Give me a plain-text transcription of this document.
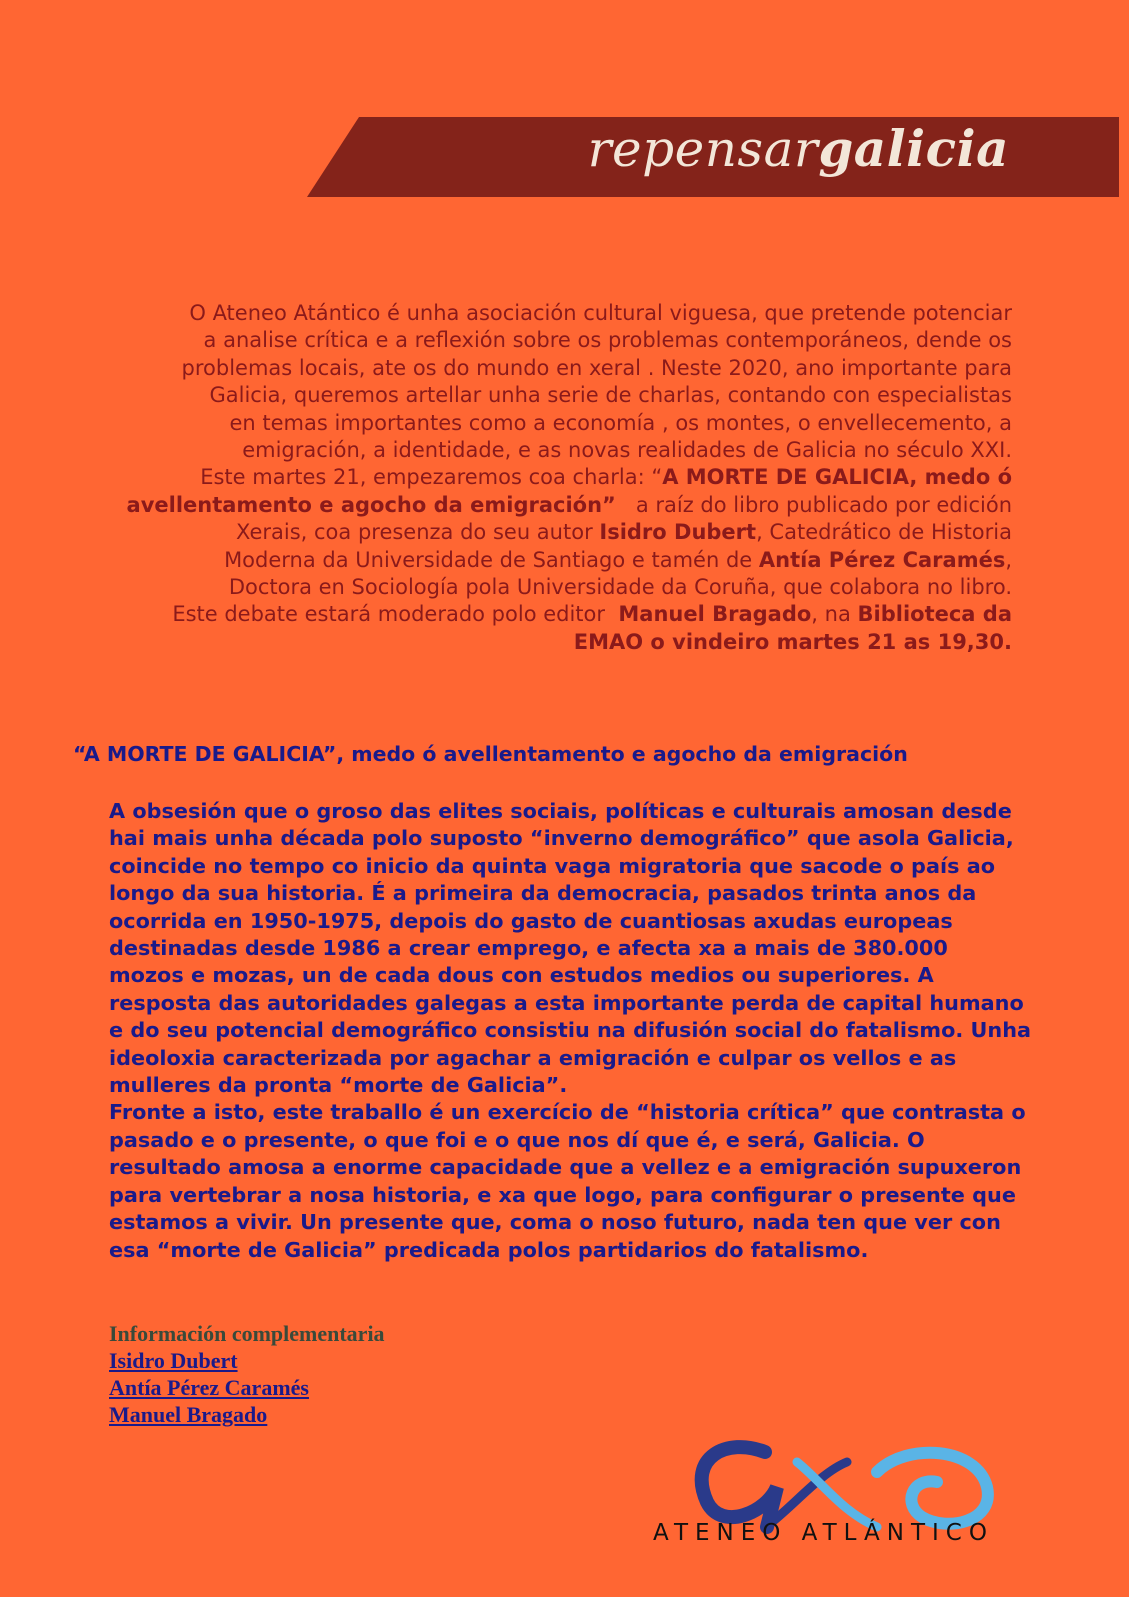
repensargalicia
O Ateneo Atántico é unha asociación cultural viguesa, que pretende potenciar
a analise crítica e a reflexión sobre os problemas contemporáneos, dende os
problemas locais, ate os do mundo en xeral . Neste 2020, ano importante para
Galicia, queremos artellar unha serie de charlas, contando con especialistas
en temas importantes como a economía , os montes, o envellecemento, a
emigración, a identidade, e as novas realidades de Galicia no século XXI.
Este martes 21, empezaremos coa charla: “A MORTE DE GALICIA, medo ó
avellentamento e agocho da emigración”   a raíz do libro publicado por edición
Xerais, coa presenza do seu autor Isidro Dubert, Catedrático de Historia
Moderna da Universidade de Santiago e tamén de Antía Pérez Caramés,
Doctora en Sociología pola Universidade da Coruña, que colabora no libro.
Este debate estará moderado polo editor  Manuel Bragado, na Biblioteca da
EMAO o vindeiro martes 21 as 19,30.
“A MORTE DE GALICIA”, medo ó avellentamento e agocho da emigración
A obsesión que o groso das elites sociais, políticas e culturais amosan desde
hai mais unha década polo suposto “inverno demográfico” que asola Galicia,
coincide no tempo co inicio da quinta vaga migratoria que sacode o país ao
longo da sua historia. É a primeira da democracia, pasados trinta anos da
ocorrida en 1950-1975, depois do gasto de cuantiosas axudas europeas
destinadas desde 1986 a crear emprego, e afecta xa a mais de 380.000
mozos e mozas, un de cada dous con estudos medios ou superiores. A
resposta das autoridades galegas a esta importante perda de capital humano
e do seu potencial demográfico consistiu na difusión social do fatalismo. Unha
ideoloxia caracterizada por agachar a emigración e culpar os vellos e as
mulleres da pronta “morte de Galicia”.
Fronte a isto, este traballo é un exercício de “historia crítica” que contrasta o
pasado e o presente, o que foi e o que nos dí que é, e será, Galicia. O
resultado amosa a enorme capacidade que a vellez e a emigración supuxeron
para vertebrar a nosa historia, e xa que logo, para configurar o presente que
estamos a vivir. Un presente que, coma o noso futuro, nada ten que ver con
esa “morte de Galicia” predicada polos partidarios do fatalismo.
Información complementaria
Isidro Dubert
Antía Pérez Caramés
Manuel Bragado
ATENEO ATLÁNTICO
